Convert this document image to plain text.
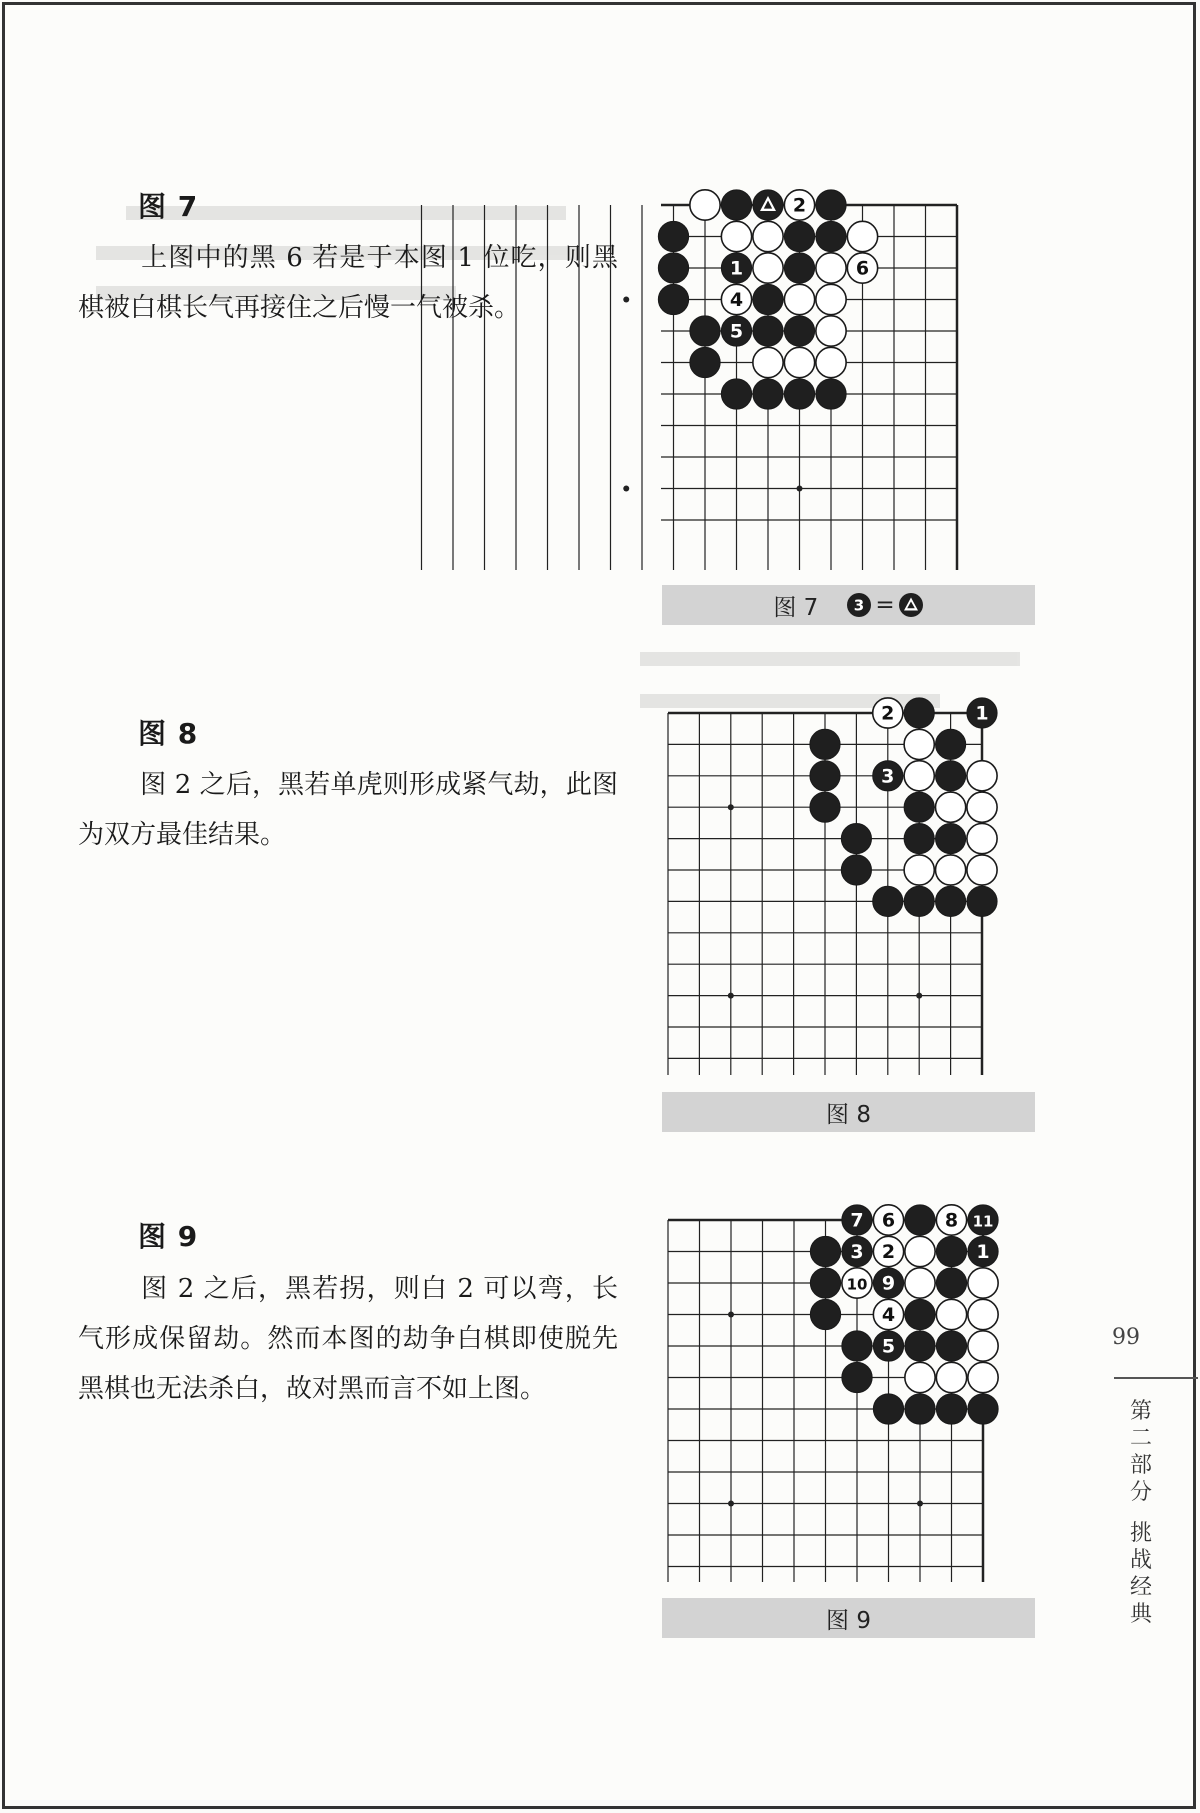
图 7
上图中的黑 6 若是于本图 1 位吃，则黑棋被白棋长气再接住之后慢一气被杀。
2
1	6
4
5
图 7 3 =
图 8
图 2 之后，黑若单虎则形成紧气劫，此图为双方最佳结果。
2	1
3
图 8
图 9
图 2 之后，黑若拐，则白 2 可以弯，长气形成保留劫。然而本图的劫争白棋即使脱先黑棋也无法杀白，故对黑而言不如上图。
7 6	8 11
3 2	1
10 9
4
5
图 9
99
第二部分
挑战经典
